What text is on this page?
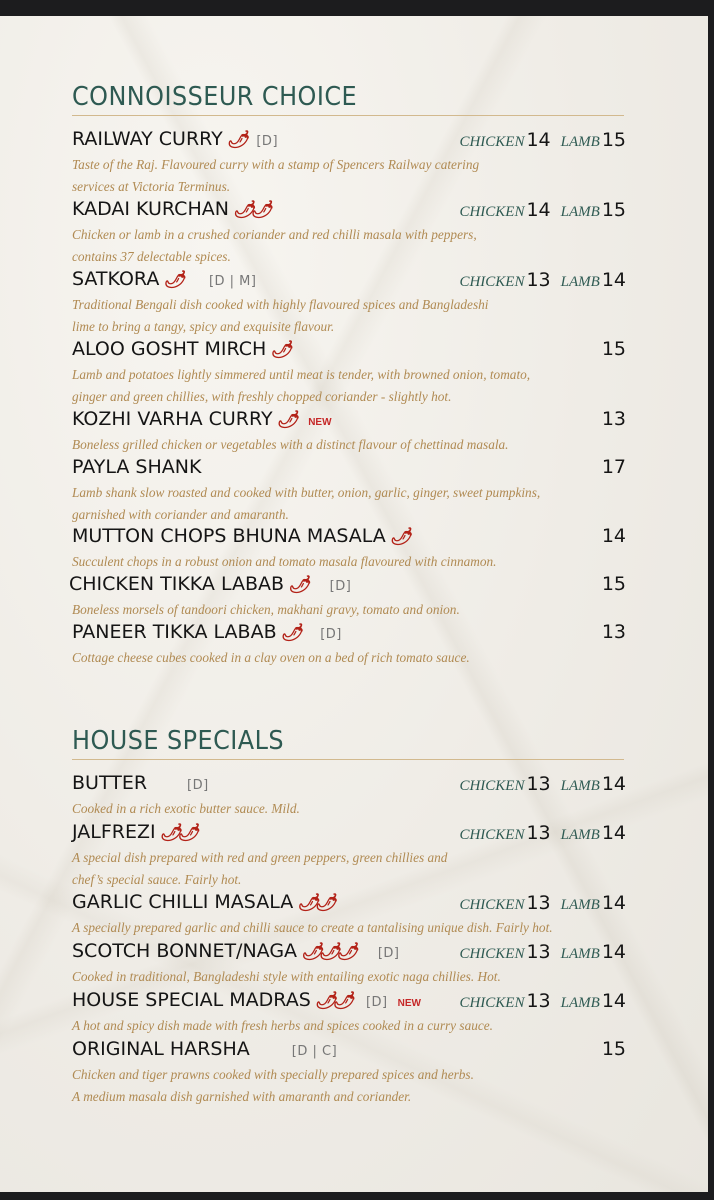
CONNOISSEUR CHOICE
RAILWAY CURRY 🌶 [D]	CHICKEN 14 LAMB 15
Taste of the Raj. Flavoured curry with a stamp of Spencers Railway catering
services at Victoria Terminus.
KADAI KURCHAN 🌶🌶	CHICKEN 14 LAMB 15
Chicken or lamb in a crushed coriander and red chilli masala with peppers,
contains 37 delectable spices.
SATKORA 🌶 [D | M]	CHICKEN 13 LAMB 14
Traditional Bengali dish cooked with highly flavoured spices and Bangladeshi
lime to bring a tangy, spicy and exquisite flavour.
ALOO GOSHT MIRCH 🌶	15
Lamb and potatoes lightly simmered until meat is tender, with browned onion, tomato,
ginger and green chillies, with freshly chopped coriander - slightly hot.
KOZHI VARHA CURRY 🌶 NEW	13
Boneless grilled chicken or vegetables with a distinct flavour of chettinad masala.
PAYLA SHANK	17
Lamb shank slow roasted and cooked with butter, onion, garlic, ginger, sweet pumpkins,
garnished with coriander and amaranth.
MUTTON CHOPS BHUNA MASALA 🌶	14
Succulent chops in a robust onion and tomato masala flavoured with cinnamon.
CHICKEN TIKKA LABAB 🌶 [D]	15
Boneless morsels of tandoori chicken, makhani gravy, tomato and onion.
PANEER TIKKA LABAB 🌶 [D]	13
Cottage cheese cubes cooked in a clay oven on a bed of rich tomato sauce.
HOUSE SPECIALS
BUTTER	[D]	CHICKEN 13 LAMB 14
Cooked in a rich exotic butter sauce. Mild.
JALFREZI 🌶🌶	CHICKEN 13 LAMB 14
A special dish prepared with red and green peppers, green chillies and
chef’s special sauce. Fairly hot.
GARLIC CHILLI MASALA 🌶🌶	CHICKEN 13 LAMB 14
A specially prepared garlic and chilli sauce to create a tantalising unique dish. Fairly hot.
SCOTCH BONNET/NAGA 🌶🌶🌶 [D]	CHICKEN 13 LAMB 14
Cooked in traditional, Bangladeshi style with entailing exotic naga chillies. Hot.
HOUSE SPECIAL MADRAS 🌶🌶 [D] NEW	CHICKEN 13 LAMB 14
A hot and spicy dish made with fresh herbs and spices cooked in a curry sauce.
ORIGINAL HARSHA	[D | C]	15
Chicken and tiger prawns cooked with specially prepared spices and herbs.
A medium masala dish garnished with amaranth and coriander.
